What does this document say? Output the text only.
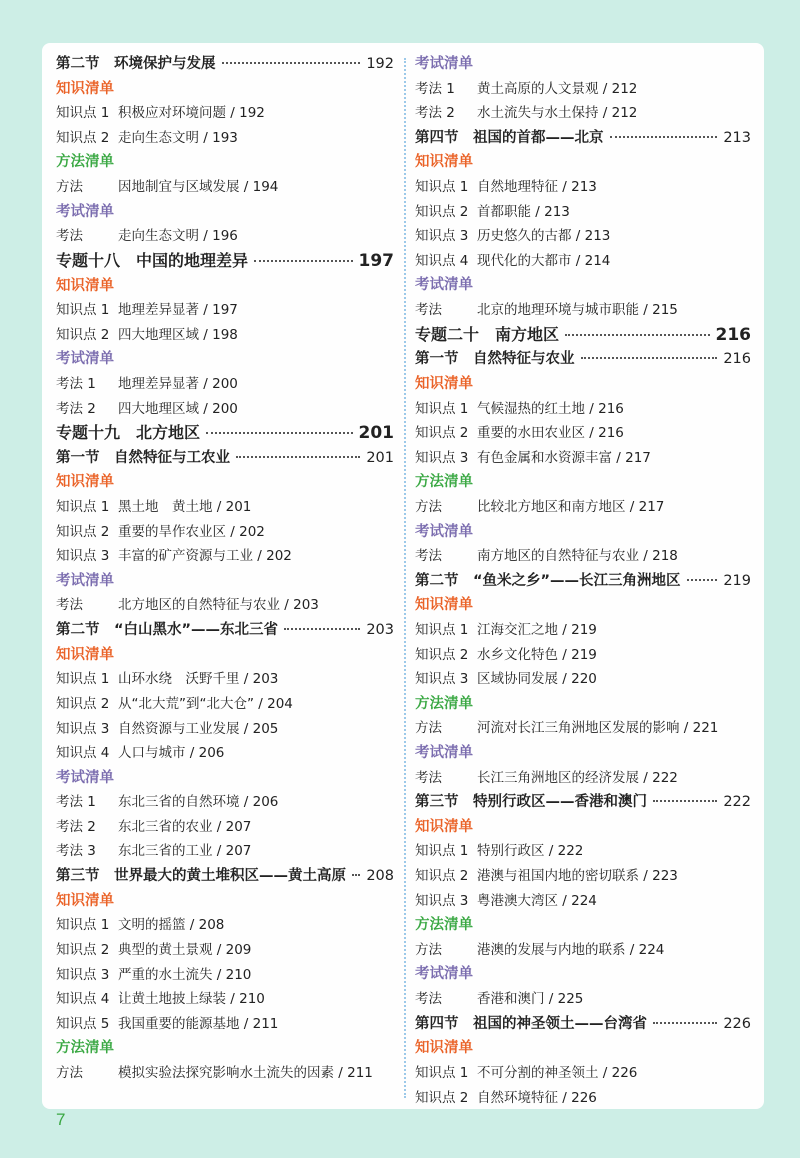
第二节　环境保护与发展	192
知识清单
知识点 1 积极应对环境问题 / 192
知识点 2 走向生态文明 / 193
方法清单
方法	因地制宜与区域发展 / 194
考试清单
考法	走向生态文明 / 196
专题十八　中国的地理差异	197
知识清单
知识点 1 地理差异显著 / 197
知识点 2 四大地理区域 / 198
考试清单
考法 1	地理差异显著 / 200
考法 2	四大地理区域 / 200
专题十九　北方地区	201
第一节　自然特征与工农业	201
知识清单
知识点 1 黑土地　黄土地 / 201
知识点 2 重要的旱作农业区 / 202
知识点 3 丰富的矿产资源与工业 / 202
考试清单
考法	北方地区的自然特征与农业 / 203
第二节　“白山黑水”——东北三省	203
知识清单
知识点 1 山环水绕　沃野千里 / 203
知识点 2 从“北大荒”到“北大仓” / 204
知识点 3 自然资源与工业发展 / 205
知识点 4 人口与城市 / 206
考试清单
考法 1	东北三省的自然环境 / 206
考法 2	东北三省的农业 / 207
考法 3	东北三省的工业 / 207
第三节　世界最大的黄土堆积区——黄土高原 208
知识清单
知识点 1 文明的摇篮 / 208
知识点 2 典型的黄土景观 / 209
知识点 3 严重的水土流失 / 210
知识点 4 让黄土地披上绿装 / 210
知识点 5 我国重要的能源基地 / 211
方法清单
方法	模拟实验法探究影响水土流失的因素 / 211
考试清单
考法 1	黄土高原的人文景观 / 212
考法 2	水土流失与水土保持 / 212
第四节　祖国的首都——北京	213
知识清单
知识点 1 自然地理特征 / 213
知识点 2 首都职能 / 213
知识点 3 历史悠久的古都 / 213
知识点 4 现代化的大都市 / 214
考试清单
考法	北京的地理环境与城市职能 / 215
专题二十　南方地区	216
第一节　自然特征与农业	216
知识清单
知识点 1 气候湿热的红土地 / 216
知识点 2 重要的水田农业区 / 216
知识点 3 有色金属和水资源丰富 / 217
方法清单
方法	比较北方地区和南方地区 / 217
考试清单
考法	南方地区的自然特征与农业 / 218
第二节　“鱼米之乡”——长江三角洲地区	219
知识清单
知识点 1 江海交汇之地 / 219
知识点 2 水乡文化特色 / 219
知识点 3 区域协同发展 / 220
方法清单
方法	河流对长江三角洲地区发展的影响 / 221
考试清单
考法	长江三角洲地区的经济发展 / 222
第三节　特别行政区——香港和澳门	222
知识清单
知识点 1 特别行政区 / 222
知识点 2 港澳与祖国内地的密切联系 / 223
知识点 3 粤港澳大湾区 / 224
方法清单
方法	港澳的发展与内地的联系 / 224
考试清单
考法	香港和澳门 / 225
第四节　祖国的神圣领土——台湾省	226
知识清单
知识点 1 不可分割的神圣领土 / 226
知识点 2 自然环境特征 / 226
7
